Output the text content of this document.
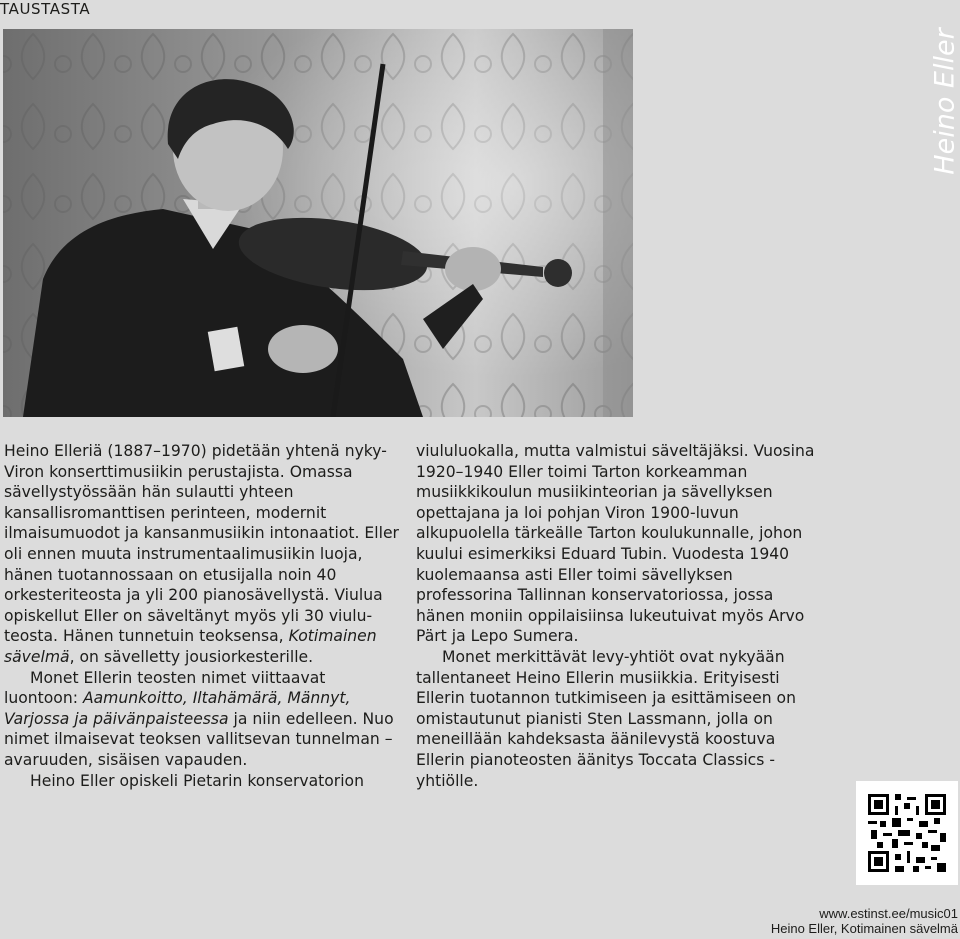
TAUSTASTA
Heino Eller

Heino Elleriä (1887–1970) pidetään yhtenä nyky-Viron konserttimusiikin perustajista. Omassa sävellystyössään hän sulautti yhteen kansallisromanttisen perinteen, modernit ilmaisumuodot ja kansanmusiikin intonaatiot. Eller oli ennen muuta instrumentaalimusiikin luoja, hänen tuotannossaan on etusijalla noin 40 orkesteriteosta ja yli 200 pianosävellystä. Viulua opiskellut Eller on säveltänyt myös yli 30 viulu-teosta. Hänen tunnetuin teoksensa, Kotimainen sävelmä, on sävelletty jousiorkesterille.

Monet Ellerin teosten nimet viittaavat luontoon: Aamunkoitto, Iltahämärä, Männyt, Varjossa ja päivänpaisteessa ja niin edelleen. Nuo nimet ilmaisevat teoksen vallitsevan tunnelman – avaruuden, sisäisen vapauden.

Heino Eller opiskeli Pietarin konservatorion

viululuokalla, mutta valmistui säveltäjäksi. Vuosina 1920–1940 Eller toimi Tarton korkeamman musiikkikoulun musiikinteorian ja sävellyksen opettajana ja loi pohjan Viron 1900-luvun alkupuolella tärkeälle Tarton koulukunnalle, johon kuului esimerkiksi Eduard Tubin. Vuodesta 1940 kuolemaansa asti Eller toimi sävellyksen professorina Tallinnan konservatoriossa, jossa hänen moniin oppilaisiinsa lukeutuivat myös Arvo Pärt ja Lepo Sumera.

Monet merkittävät levy-yhtiöt ovat nykyään tallentaneet Heino Ellerin musiikkia. Erityisesti Ellerin tuotannon tutkimiseen ja esittämiseen on omistautunut pianisti Sten Lassmann, jolla on meneillään kahdeksasta äänilevystä koostuva Ellerin pianoteosten äänitys Toccata Classics -yhtiölle.

www.estinst.ee/music01
Heino Eller, Kotimainen sävelmä
